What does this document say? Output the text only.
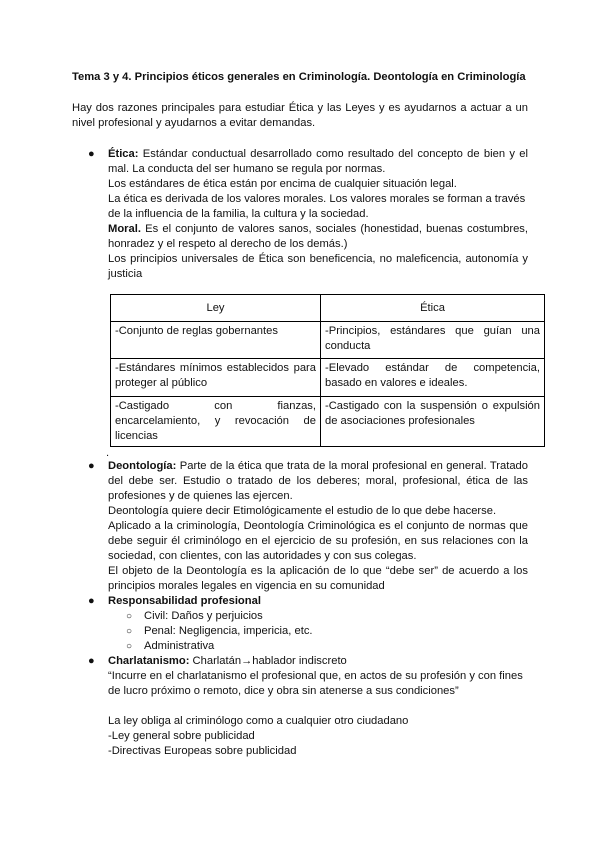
Tema 3 y 4. Principios éticos generales en Criminología. Deontología en Criminología

Hay dos razones principales para estudiar Ética y las Leyes y es ayudarnos a actuar a un nivel profesional y ayudarnos a evitar demandas.

● Ética: Estándar conductual desarrollado como resultado del concepto de bien y el mal. La conducta del ser humano se regula por normas.

Los estándares de ética están por encima de cualquier situación legal.

La ética es derivada de los valores morales. Los valores morales se forman a través de la influencia de la familia, la cultura y la sociedad.

Moral. Es el conjunto de valores sanos, sociales (honestidad, buenas costumbres, honradez y el respeto al derecho de los demás.)

Los principios universales de Ética son beneficencia, no maleficencia, autonomía y justicia

Ley	Ética
-Conjunto de reglas gobernantes	-Principios, estándares que guían una conducta
-Estándares mínimos establecidos para proteger al público	-Elevado estándar de competencia, basado en valores e ideales.
-Castigado con fianzas, encarcelamiento, y revocación de licencias	-Castigado con la suspensión o expulsión de asociaciones profesionales

.

● Deontología: Parte de la ética que trata de la moral profesional en general. Tratado del debe ser. Estudio o tratado de los deberes; moral, profesional, ética de las profesiones y de quienes las ejercen.

Deontología quiere decir Etimológicamente el estudio de lo que debe hacerse.

Aplicado a la criminología, Deontología Criminológica es el conjunto de normas que debe seguir él criminólogo en el ejercicio de su profesión, en sus relaciones con la sociedad, con clientes, con las autoridades y con sus colegas.

El objeto de la Deontología es la aplicación de lo que “debe ser” de acuerdo a los principios morales legales en vigencia en su comunidad

● Responsabilidad profesional

○ Civil: Daños y perjuicios
○ Penal: Negligencia, impericia, etc.
○ Administrativa
● Charlatanismo: Charlatán→hablador indiscreto

“Incurre en el charlatanismo el profesional que, en actos de su profesión y con fines de lucro próximo o remoto, dice y obra sin atenerse a sus condiciones”

La ley obliga al criminólogo como a cualquier otro ciudadano

-Ley general sobre publicidad

-Directivas Europeas sobre publicidad
